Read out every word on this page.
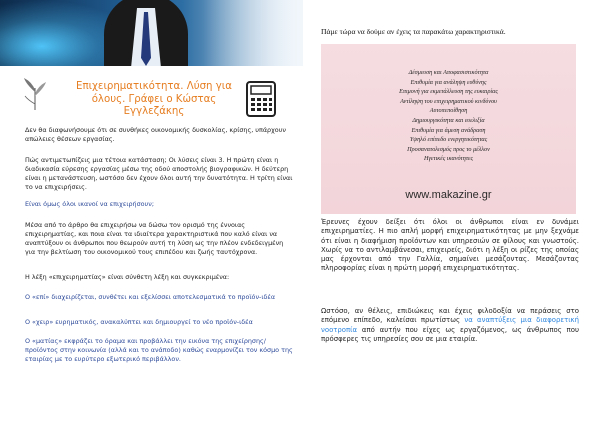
Επιχειρηματικότητα. Λύση για όλους. Γράφει ο Κώστας Εγγλεζάκης

Δεν θα διαφωνήσουμε ότι σε συνθήκες οικονομικής δυσκολίας, κρίσης, υπάρχουν απώλειες θέσεων εργασίας.

Πώς αντιμετωπίζεις μια τέτοια κατάσταση; Οι λύσεις είναι 3. Η πρώτη είναι η διαδικασία εύρεσης εργασίας μέσω της οδού αποστολής βιογραφικών. Η δεύτερη είναι η μετανάστευση, ωστόσο δεν έχουν όλοι αυτή την δυνατότητα. Η τρίτη είναι το να επιχειρήσεις.

Είναι όμως όλοι ικανοί να επιχειρήσουν;

Μέσα από το άρθρο θα επιχειρήσω να δώσω τον ορισμό της έννοιας επιχειρηματίας, και ποια είναι τα ιδιαίτερα χαρακτηριστικά που καλό είναι να αναπτύξουν οι άνθρωποι που θεωρούν αυτή τη λύση ως την πλέον ενδεδειγμένη για την βελτίωση του οικονομικού τους επιπέδου και ζωής ταυτόχρονα.

Η λέξη «επιχειρηματίας» είναι σύνθετη λέξη και συγκεκριμένα:

Ο «επί» διαχειρίζεται, συνθέτει και εξελίσσει αποτελεσματικά το προϊόν-ιδέα

Ο «χειρ» ευρηματικός, ανακαλύπτει και δημιουργεί το νέο προϊόν-ιδέα

Ο «ματίας» εκφράζει το όραμα και προβάλλει την εικόνα της επιχείρησης/προϊόντος στην κοινωνία (αλλά και το ανάποδο) καθώς εναρμονίζει τον κόσμο της εταιρίας με το ευρύτερο εξωτερικό περιβάλλον.

Πάμε τώρα να δούμε αν έχεις τα παρακάτω χαρακτηριστικά.
Δέσμευση και Αποφασιστικότητα
Επιθυμία για ανάληψη ευθύνης
Επιμονή για εκμετάλλευση της ευκαιρίας
Αντίληψη του επιχειρηματικού κινδύνου
Αυτοπεποίθηση
Δημιουργικότητα και ευελιξία
Επιθυμία για άμεση ανάδραση
Υψηλό επίπεδο ενεργητικότητας
Προσανατολισμός προς το μέλλον
Ηγετικές ικανότητες
www.makazine.gr

Έρευνες έχουν δείξει ότι όλοι οι άνθρωποι είναι εν δυνάμει επιχειρηματίες. Η πιο απλή μορφή επιχειρηματικότητας με μην ξεχνάμε ότι είναι η διαφήμιση προϊόντων και υπηρεσιών σε φίλους και γνωστούς. Χωρίς να το αντιλαμβάνεσαι, επιχειρείς, διότι η λέξη οι ρίζες της οποίας μας έρχονται από την Γαλλία, σημαίνει μεσάζοντας. Μεσάζοντας πληροφορίας είναι η πρώτη μορφή επιχειρηματικότητας.

Ωστόσο, αν θέλεις, επιδιώκεις και έχεις φιλοδοξία να περάσεις στο επόμενο επίπεδο, καλείσαι πρωτίστως να αναπτύξεις μια διαφορετική νοοτροπία από αυτήν που είχες ως εργαζόμενος, ως άνθρωπος που πρόσφερες τις υπηρεσίες σου σε μια εταιρία.
